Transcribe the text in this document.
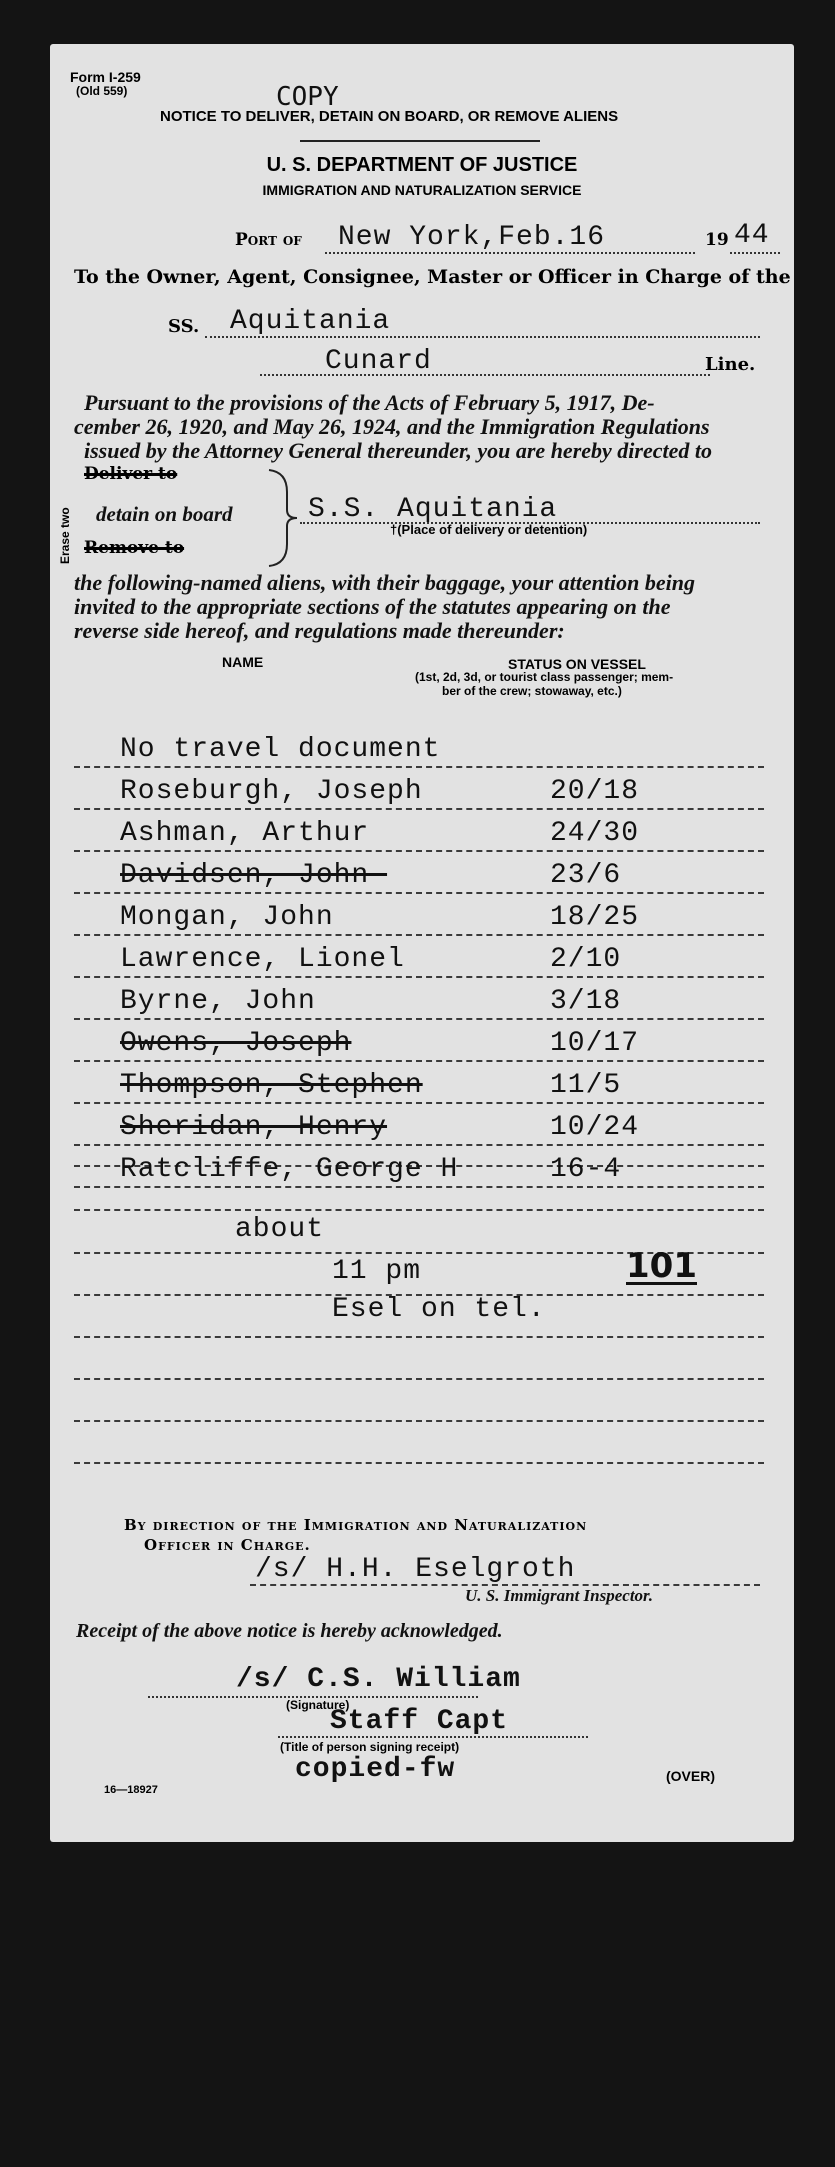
Form I-259
(Old 559)	COPY
NOTICE TO DELIVER, DETAIN ON BOARD, OR REMOVE ALIENS
U. S. DEPARTMENT OF JUSTICE
IMMIGRATION AND NATURALIZATION SERVICE
Port of New York,Feb.16	19 44
To the Owner, Agent, Consignee, Master or Officer in Charge of the
SS. Aquitania
Cunard	Line.
Pursuant to the provisions of the Acts of February 5, 1917, De-
cember 26, 1920, and May 26, 1924, and the Immigration Regulations
issued by the Attorney General thereunder, you are hereby directed to
Erase two
Deliver to
detain on board
Remove to
S.S. Aquitania
†(Place of delivery or detention)
the following-named aliens, with their baggage, your attention being
invited to the appropriate sections of the statutes appearing on the
reverse side hereof, and regulations made thereunder:
NAME	STATUS ON VESSEL
(1st, 2d, 3d, or tourist class passenger; mem-
ber of the crew; stowaway, etc.)
about
11 pm	101
Esel on tel.
By direction of the Immigration and Naturalization
Officer in Charge.
/s/ H.H. Eselgroth
U. S. Immigrant Inspector.
Receipt of the above notice is hereby acknowledged.
/s/ C.S. William
(Signature)
Staff Capt
(Title of person signing receipt)
copied-fw
16—18927
(OVER)
No travel document
Roseburgh, Joseph	20/18
Ashman, Arthur	24/30
Davidsen, John-	23/6
Mongan, John	18/25
Lawrence, Lionel	2/10
Byrne, John	3/18
Owens,-Joseph	10/17
Thompson, Stephen	11/5
Sheridan, Henry	10/24
Ratcliffe, George H	16-4
